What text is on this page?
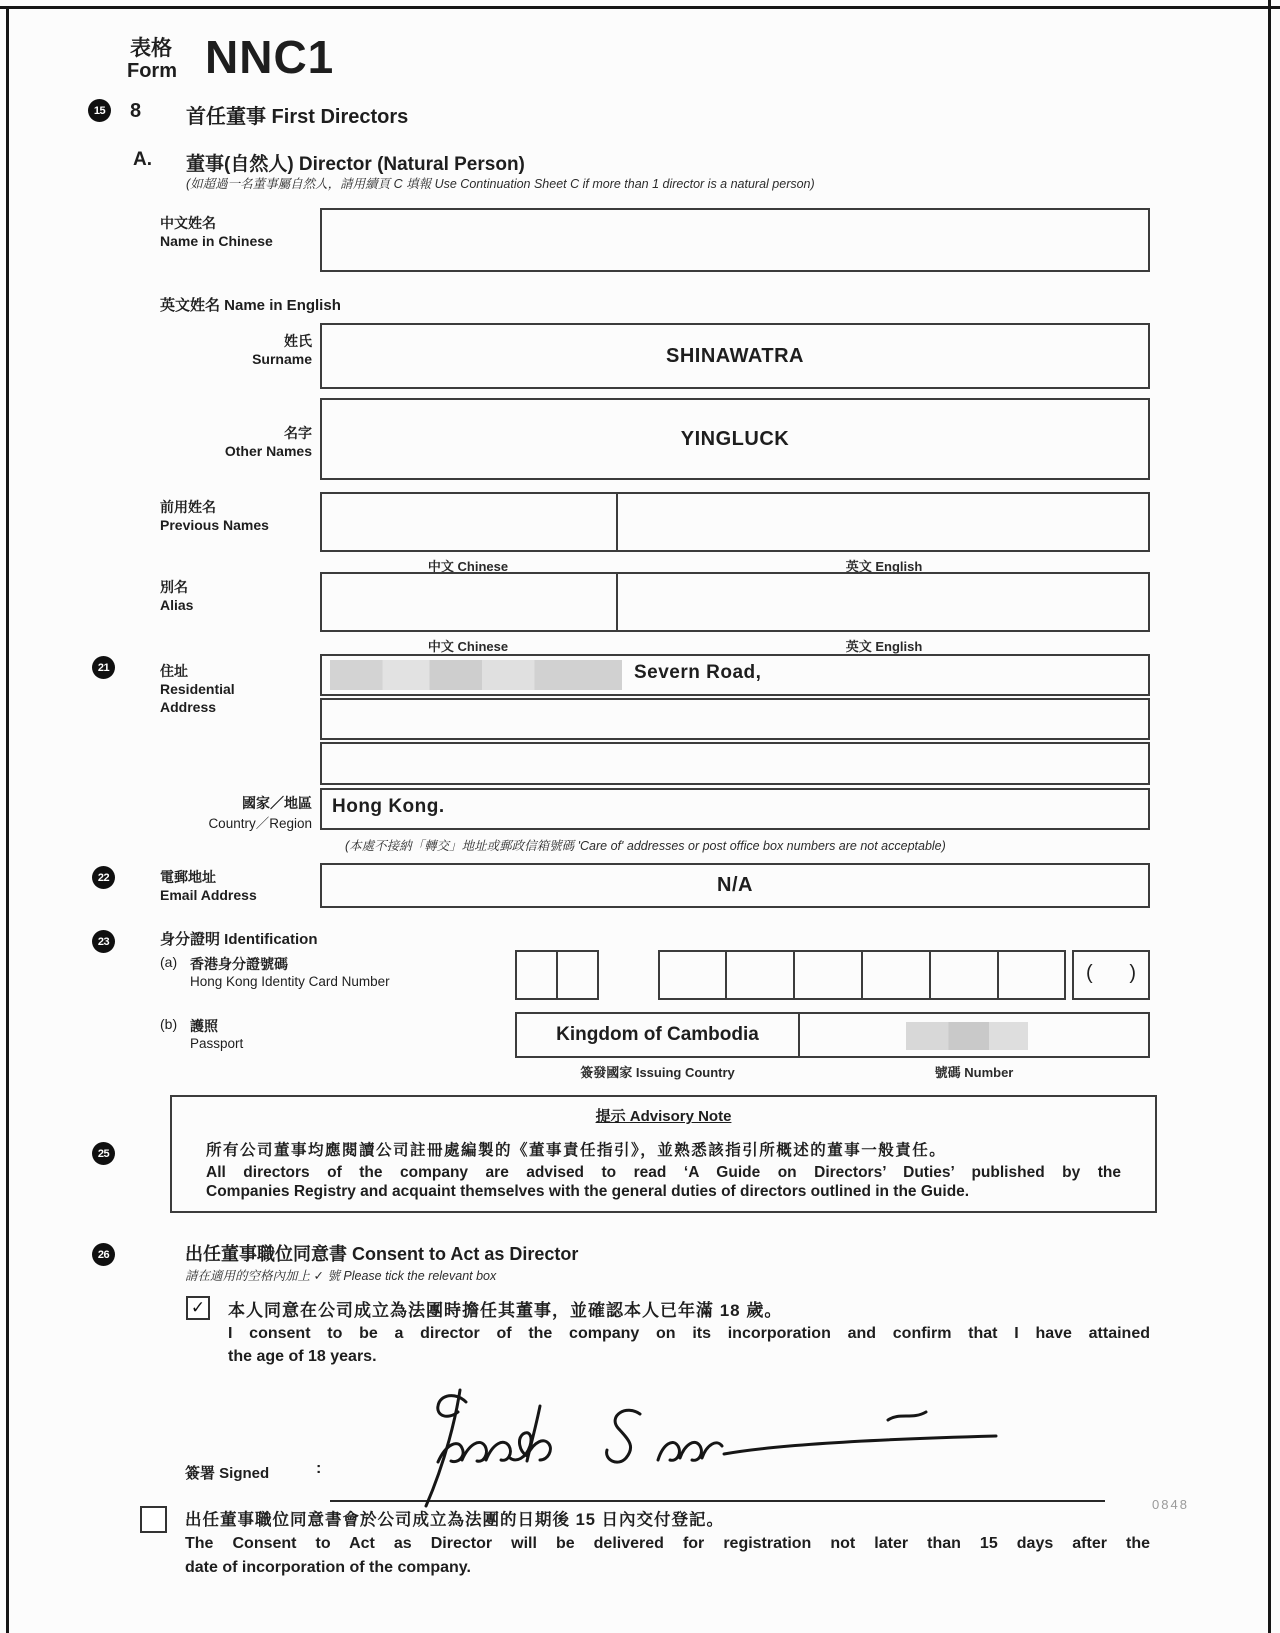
表格
Form NNC1
15 8 首任董事 First Directors
A. 董事(自然人) Director (Natural Person)
(如超過一名董事屬自然人，請用續頁 C 填報 Use Continuation Sheet C if more than 1 director is a natural person)
中文姓名
Name in Chinese
英文姓名 Name in English
姓氏
Surname	SHINAWATRA
名字
Other Names
YINGLUCK
前用姓名
Previous Names
中文 Chinese	英文 English
別名
Alias
中文 Chinese	英文 English
21	住址
Residential
Address
Severn Road,
國家／地區
Country／Region
Hong Kong.
(本處不接納「轉交」地址或郵政信箱號碼 'Care of' addresses or post office box numbers are not acceptable)
22	電郵地址
Email Address	N/A
23	身分證明 Identification
(a) 香港身分證號碼
Hong Kong Identity Card Number	( )
(b) 護照
Passport	Kingdom of Cambodia
簽發國家 Issuing Country	號碼 Number
25
提示 Advisory Note
所有公司董事均應閱讀公司註冊處編製的《董事責任指引》，並熟悉該指引所概述的董事一般責任。
All directors of the company are advised to read ‘A Guide on Directors’ Duties’ published by the
Companies Registry and acquaint themselves with the general duties of directors outlined in the Guide.
26	出任董事職位同意書 Consent to Act as Director
請在適用的空格內加上 ✓ 號 Please tick the relevant box
✓ 本人同意在公司成立為法團時擔任其董事，並確認本人已年滿 18 歲。
I consent to be a director of the company on its incorporation and confirm that I have attained
the age of 18 years.
簽署 Signed	:
出任董事職位同意書會於公司成立為法團的日期後 15 日內交付登記。
The Consent to Act as Director will be delivered for registration not later than 15 days after the
date of incorporation of the company.
0848
